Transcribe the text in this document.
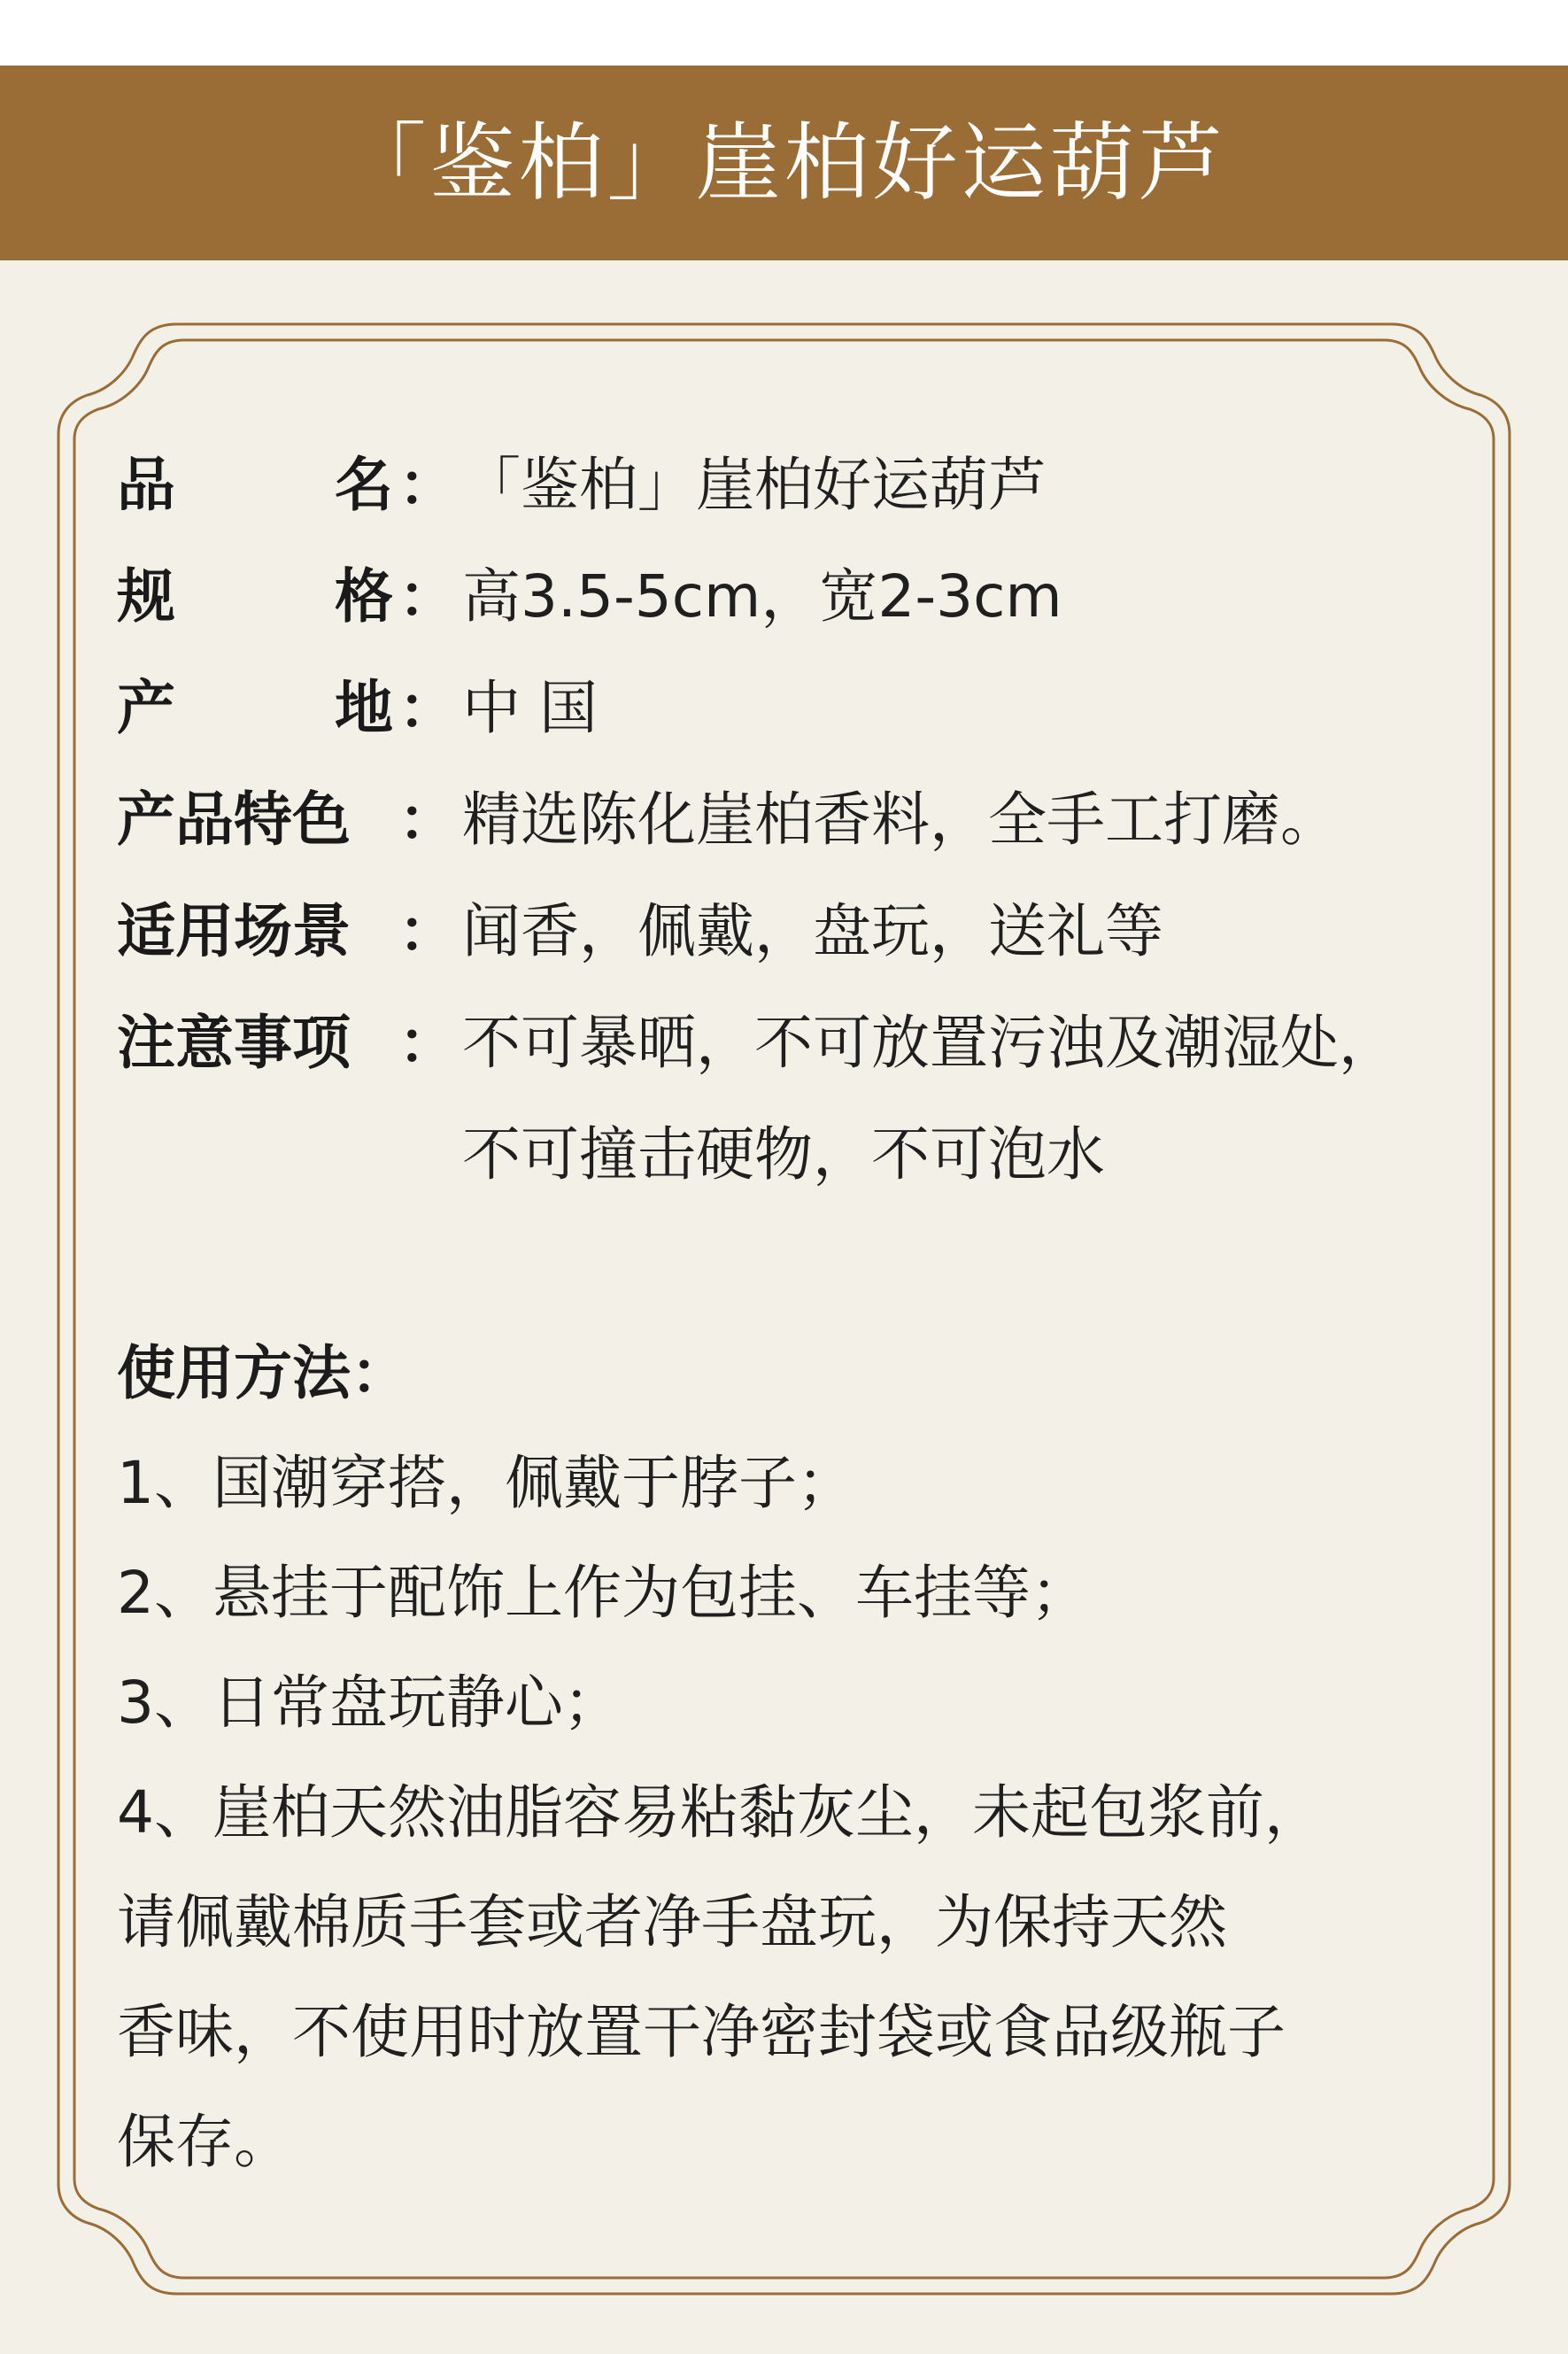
「鉴柏」崖柏好运葫芦
品	名 ： 「鉴柏」崖柏好运葫芦
规	格 ： 高3.5-5cm，宽2-3cm
产	地 ： 中 国
产品特色 ： 精选陈化崖柏香料，全手工打磨。
适用场景 ： 闻香，佩戴，盘玩，送礼等
注意事项 ： 不可暴晒，不可放置污浊及潮湿处，
不可撞击硬物，不可泡水
使用方法：
1、国潮穿搭，佩戴于脖子；
2、悬挂于配饰上作为包挂、车挂等；
3、日常盘玩静心；
4、崖柏天然油脂容易粘黏灰尘，未起包浆前，
请佩戴棉质手套或者净手盘玩，为保持天然
香味，不使用时放置干净密封袋或食品级瓶子
保存。
